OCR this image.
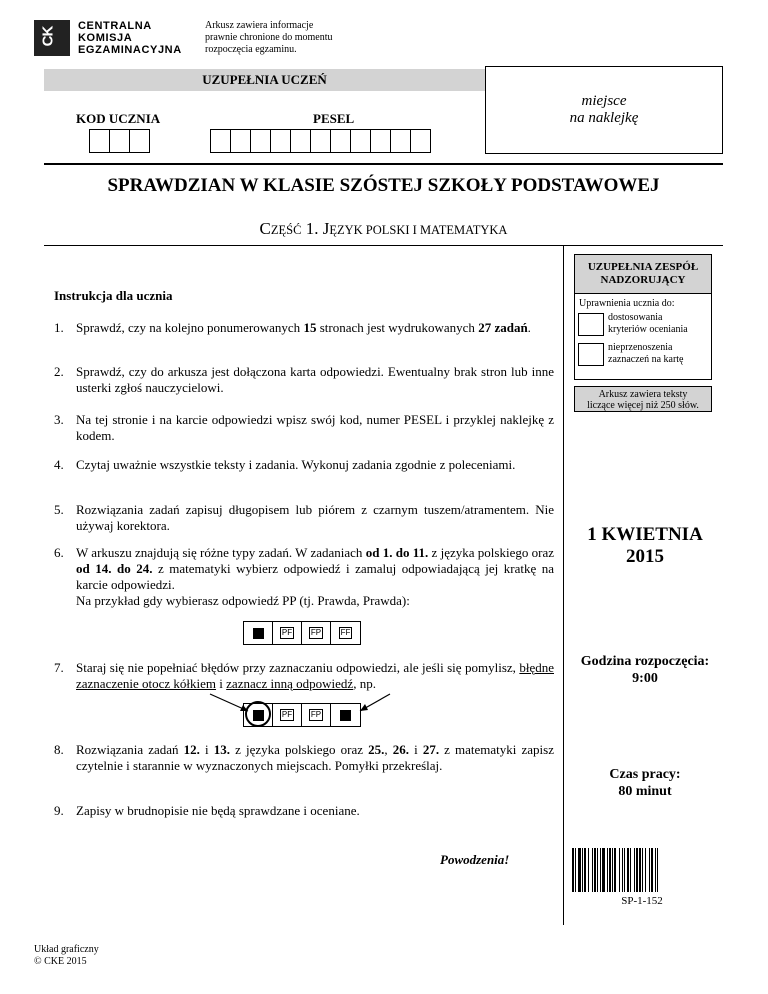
CK
CENTRALNA
KOMISJA
EGZAMINACYJNA
Arkusz zawiera informacje
prawnie chronione do momentu
rozpoczęcia egzaminu.
UZUPEŁNIA UCZEŃ
miejsce
na naklejkę
KOD UCZNIA	PESEL
SPRAWDZIAN W KLASIE SZÓSTEJ SZKOŁY PODSTAWOWEJ
CZĘŚĆ 1. JĘZYK POLSKI I MATEMATYKA
Instrukcja dla ucznia
1. Sprawdź, czy na kolejno ponumerowanych 15 stronach jest wydrukowanych 27 zadań.
2. Sprawdź, czy do arkusza jest dołączona karta odpowiedzi. Ewentualny brak stron lub inne usterki zgłoś nauczycielowi.
3. Na tej stronie i na karcie odpowiedzi wpisz swój kod, numer PESEL i przyklej naklejkę z kodem.
4. Czytaj uważnie wszystkie teksty i zadania. Wykonuj zadania zgodnie z poleceniami.
5. Rozwiązania zadań zapisuj długopisem lub piórem z czarnym tuszem/atramentem. Nie używaj korektora.
6. W arkuszu znajdują się różne typy zadań. W zadaniach od 1. do 11. z języka polskiego oraz od 14. do 24. z matematyki wybierz odpowiedź i zamaluj odpowiadającą jej kratkę na karcie odpowiedzi.
Na przykład gdy wybierasz odpowiedź PP (tj. Prawda, Prawda):
PF FP FF
7. Staraj się nie popełniać błędów przy zaznaczaniu odpowiedzi, ale jeśli się pomylisz, błędne zaznaczenie otocz kółkiem i zaznacz inną odpowiedź, np.
PF FP
8. Rozwiązania zadań 12. i 13. z języka polskiego oraz 25., 26. i 27. z matematyki zapisz czytelnie i starannie w wyznaczonych miejscach. Pomyłki przekreślaj.
9. Zapisy w brudnopisie nie będą sprawdzane i oceniane.
Powodzenia!
UZUPEŁNIA ZESPÓŁ
NADZORUJĄCY
Uprawnienia ucznia do:
dostosowania
kryteriów oceniania
nieprzenoszenia
zaznaczeń na kartę
Arkusz zawiera teksty
liczące więcej niż 250 słów.
1 KWIETNIA
2015
Godzina rozpoczęcia:
9:00
Czas pracy:
80 minut
SP-1-152
Układ graficzny
© CKE 2015
